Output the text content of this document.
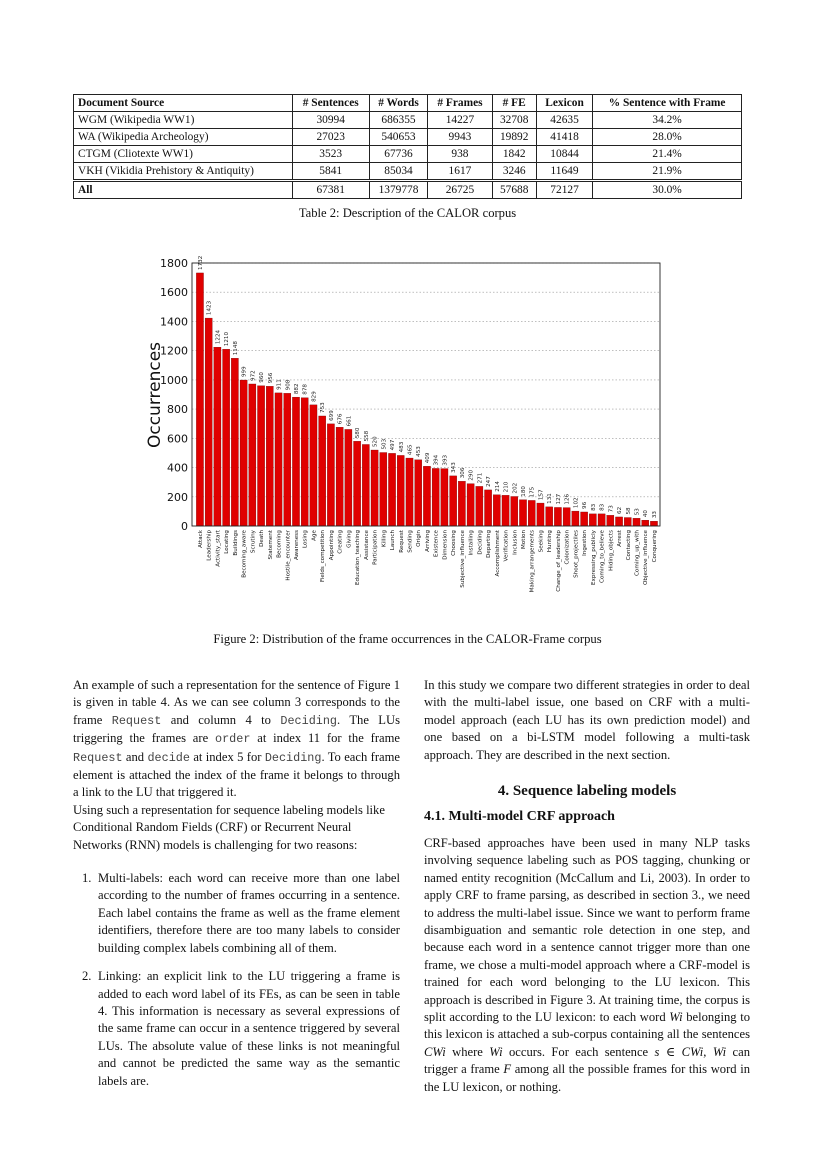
Document Source	# Sentences	# Words	# Frames	# FE	Lexicon	% Sentence with Frame
WGM (Wikipedia WW1)	30994	686355	14227	32708	42635	34.2%
WA (Wikipedia Archeology)	27023	540653	9943	19892	41418	28.0%
CTGM (Cliotexte WW1)	3523	67736	938	1842	10844	21.4%
VKH (Vikidia Prehistory & Antiquity)	5841	85034	1617	3246	11649	21.9%
All	67381	1379778	26725	57688	72127	30.0%
Table 2: Description of the CALOR corpus
1732
1423
1224 1210
1148
999 972 960 956
911 908 882 878
829
753
699 676 661
580 558
520 503 497 483 465 453
409 394 393
343
306 290 271 247 214 210 202 180 175 157 131 127 126 102 96 83 83 73 62 58 53 40 33
0
200
400
600
800
1000
1200
1400
1600
1800
Attack Leadership Activity_start Locating Buildings Becoming_aware Scrutiny Death Statement Becoming Hostile_encounter Awareness Losing Age Fields_competition Appointing Creating Giving Education_teaching Assistance Participation Killing Launch Request Sending Origin Arriving Existence Dimension Choosing Subjective_influence Installing Deciding Departing Accomplishment Verification Inclusion Motion Making_arrangements Seeking Hunting Change_of_leadership Colonization Shoot_projectiles Ingestion Expressing_publicly Coming_to_believe Hiding_objects Arrest Contacting Coming_up_with Objective_influence Conquering
Occurrences
Figure 2: Distribution of the frame occurrences in the CALOR-Frame corpus

An example of such a representation for the sentence of Figure 1 is given in table 4. As we can see column 3 corresponds to the frame Request and column 4 to Deciding. The LUs triggering the frames are order at index 11 for the frame Request and decide at index 5 for Deciding. To each frame element is attached the index of the frame it belongs to through a link to the LU that triggered it.

Using such a representation for sequence labeling models like Conditional Random Fields (CRF) or Recurrent Neural Networks (RNN) models is challenging for two reasons:

1. Multi-labels: each word can receive more than one label according to the number of frames occurring in a sentence. Each label contains the frame as well as the frame element identifiers, therefore there are too many labels to consider building complex labels combining all of them.
2. Linking: an explicit link to the LU triggering a frame is added to each word label of its FEs, as can be seen in table 4. This information is necessary as several expressions of the same frame can occur in a sentence triggered by several LUs. The absolute value of these links is not meaningful and cannot be predicted the same way as the semantic labels are.

In this study we compare two different strategies in order to deal with the multi-label issue, one based on CRF with a multi-model approach (each LU has its own prediction model) and one based on a bi-LSTM model following a multi-task approach. They are described in the next section.

4. Sequence labeling models
4.1. Multi-model CRF approach

CRF-based approaches have been used in many NLP tasks involving sequence labeling such as POS tagging, chunking or named entity recognition (McCallum and Li, 2003). In order to apply CRF to frame parsing, as described in section 3., we need to address the multi-label issue. Since we want to perform frame disambiguation and semantic role detection in one step, and because each word in a sentence cannot trigger more than one frame, we chose a multi-model approach where a CRF-model is trained for each word belonging to the LU lexicon. This approach is described in Figure 3. At training time, the corpus is split according to the LU lexicon: to each word Wi belonging to this lexicon is attached a sub-corpus containing all the sentences CWi where Wi occurs. For each sentence s ∈ CWi, Wi can trigger a frame F among all the possible frames for this word in the LU lexicon, or nothing.
